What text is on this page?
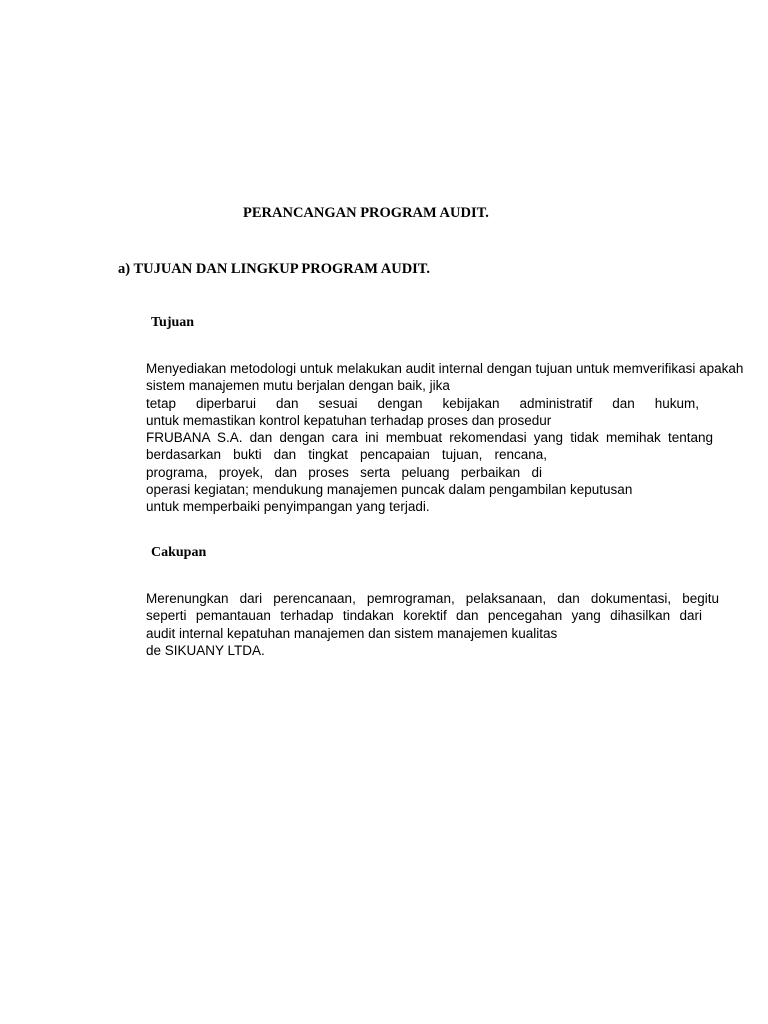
PERANCANGAN PROGRAM AUDIT.
a) TUJUAN DAN LINGKUP PROGRAM AUDIT.
Tujuan
Menyediakan metodologi untuk melakukan audit internal dengan tujuan untuk memverifikasi apakah
sistem manajemen mutu berjalan dengan baik, jika
tetap diperbarui dan sesuai dengan kebijakan administratif dan hukum,
untuk memastikan kontrol kepatuhan terhadap proses dan prosedur
FRUBANA S.A. dan dengan cara ini membuat rekomendasi yang tidak memihak tentang
berdasarkan bukti dan tingkat pencapaian tujuan, rencana,
programa, proyek, dan proses serta peluang perbaikan di
operasi kegiatan; mendukung manajemen puncak dalam pengambilan keputusan
untuk memperbaiki penyimpangan yang terjadi.
Cakupan
Merenungkan dari perencanaan, pemrograman, pelaksanaan, dan dokumentasi, begitu
seperti pemantauan terhadap tindakan korektif dan pencegahan yang dihasilkan dari
audit internal kepatuhan manajemen dan sistem manajemen kualitas
de SIKUANY LTDA.
